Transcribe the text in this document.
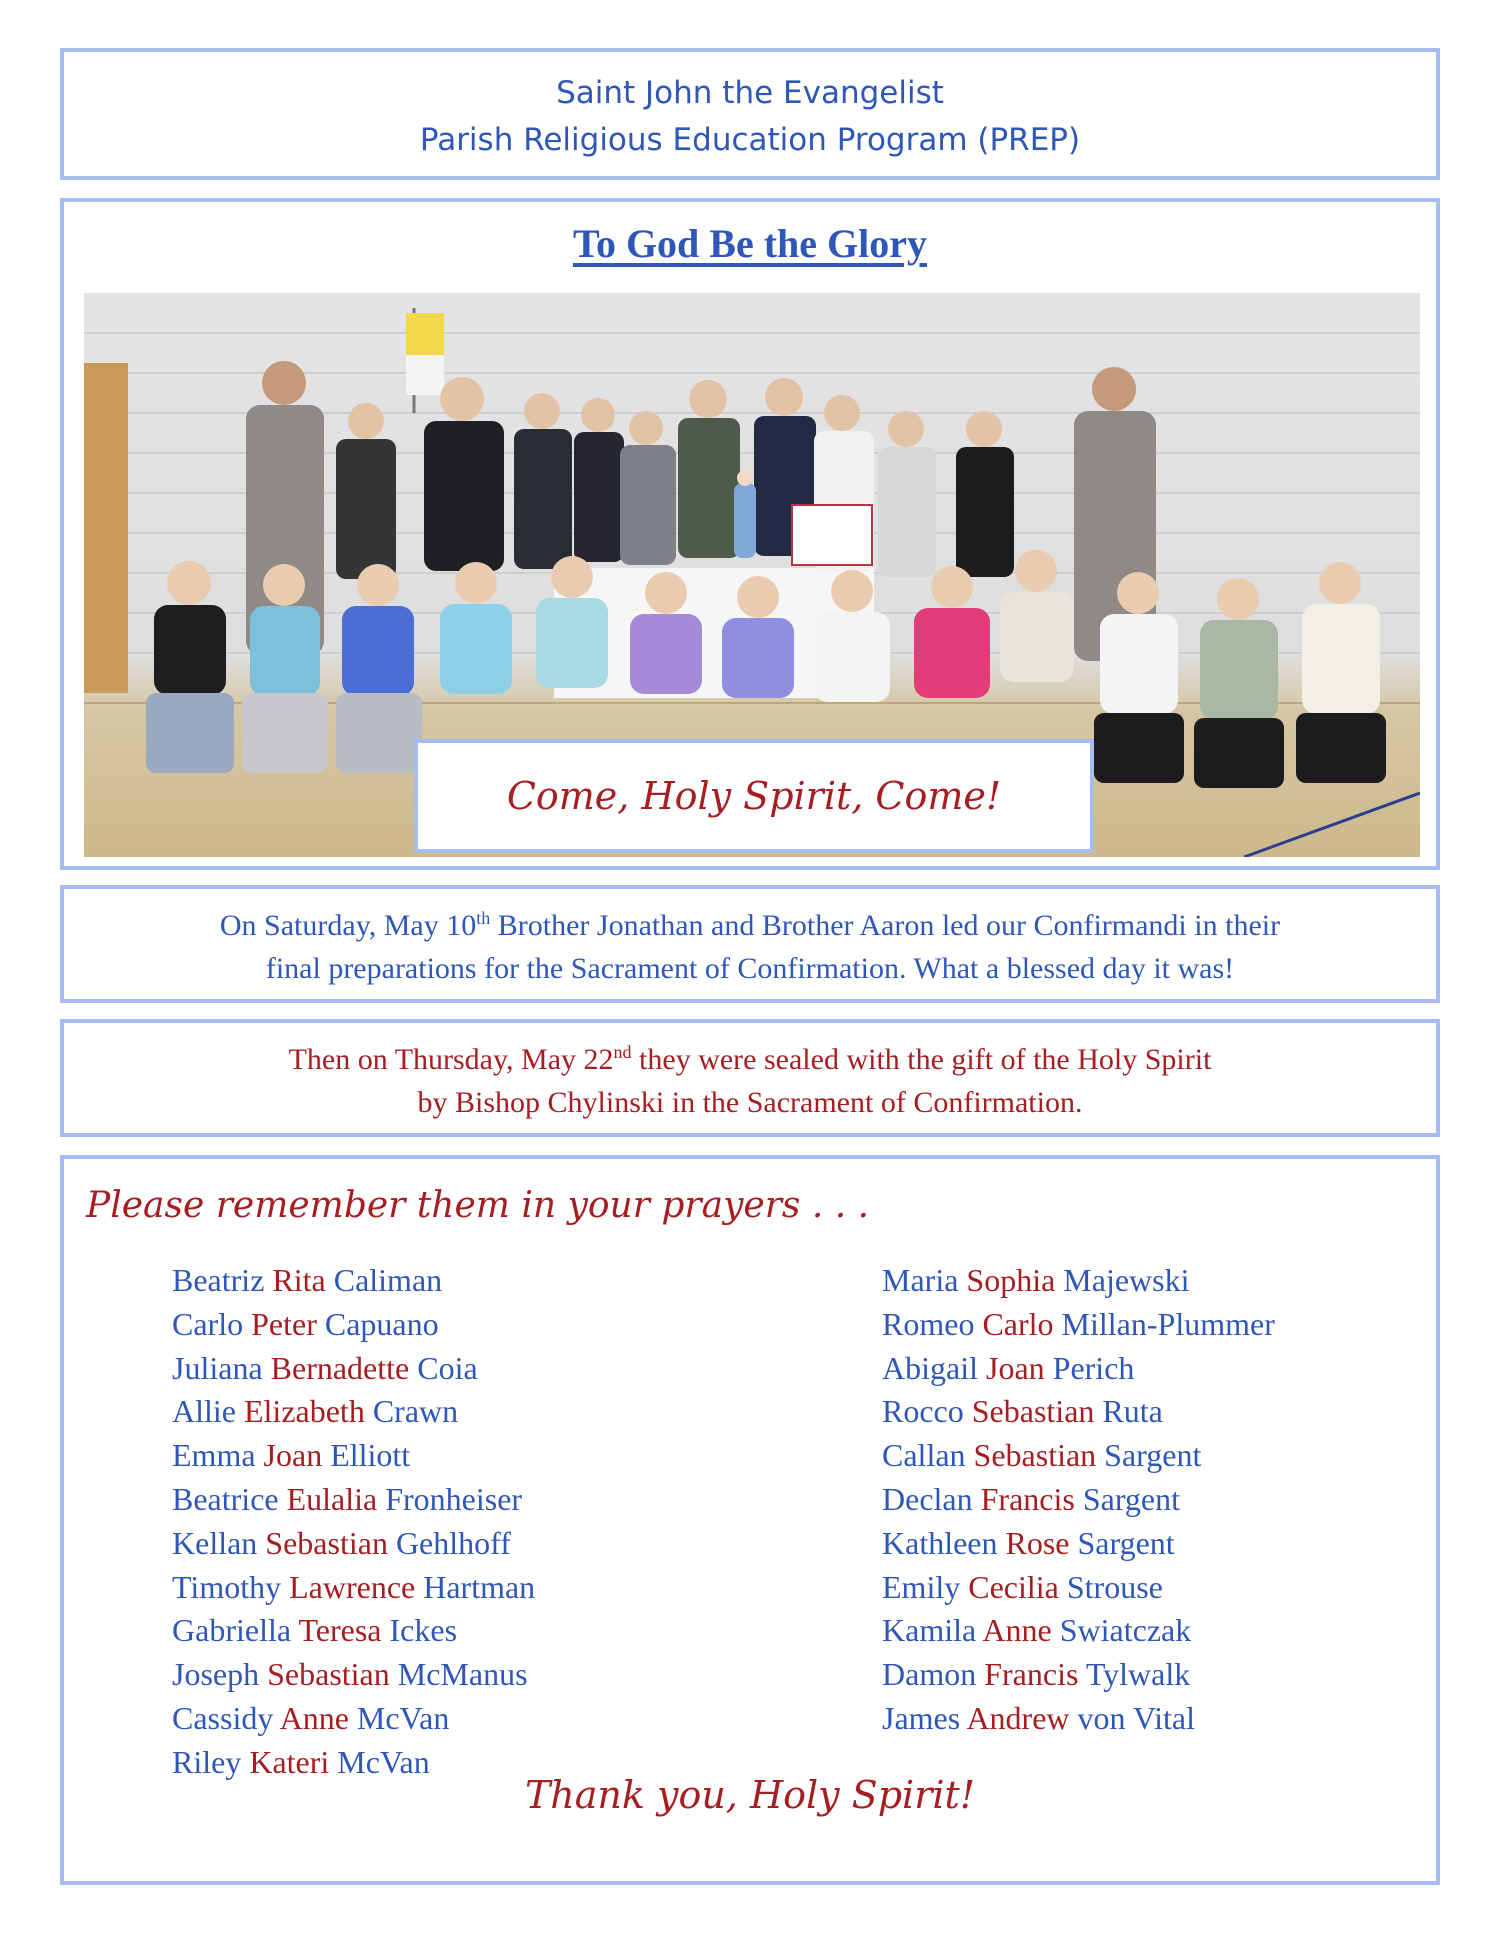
Saint John the Evangelist
Parish Religious Education Program (PREP)
To God Be the Glory
Come, Holy Spirit, Come!
On Saturday, May 10th Brother Jonathan and Brother Aaron led our Confirmandi in their
final preparations for the Sacrament of Confirmation. What a blessed day it was!
Then on Thursday, May 22nd they were sealed with the gift of the Holy Spirit
by Bishop Chylinski in the Sacrament of Confirmation.
Please remember them in your prayers . . .
Beatriz Rita Caliman
Carlo Peter Capuano
Juliana Bernadette Coia
Allie Elizabeth Crawn
Emma Joan Elliott
Beatrice Eulalia Fronheiser
Kellan Sebastian Gehlhoff
Timothy Lawrence Hartman
Gabriella Teresa Ickes
Joseph Sebastian McManus
Cassidy Anne McVan
Riley Kateri McVan
Maria Sophia Majewski
Romeo Carlo Millan-Plummer
Abigail Joan Perich
Rocco Sebastian Ruta
Callan Sebastian Sargent
Declan Francis Sargent
Kathleen Rose Sargent
Emily Cecilia Strouse
Kamila Anne Swiatczak
Damon Francis Tylwalk
James Andrew von Vital
Thank you, Holy Spirit!
